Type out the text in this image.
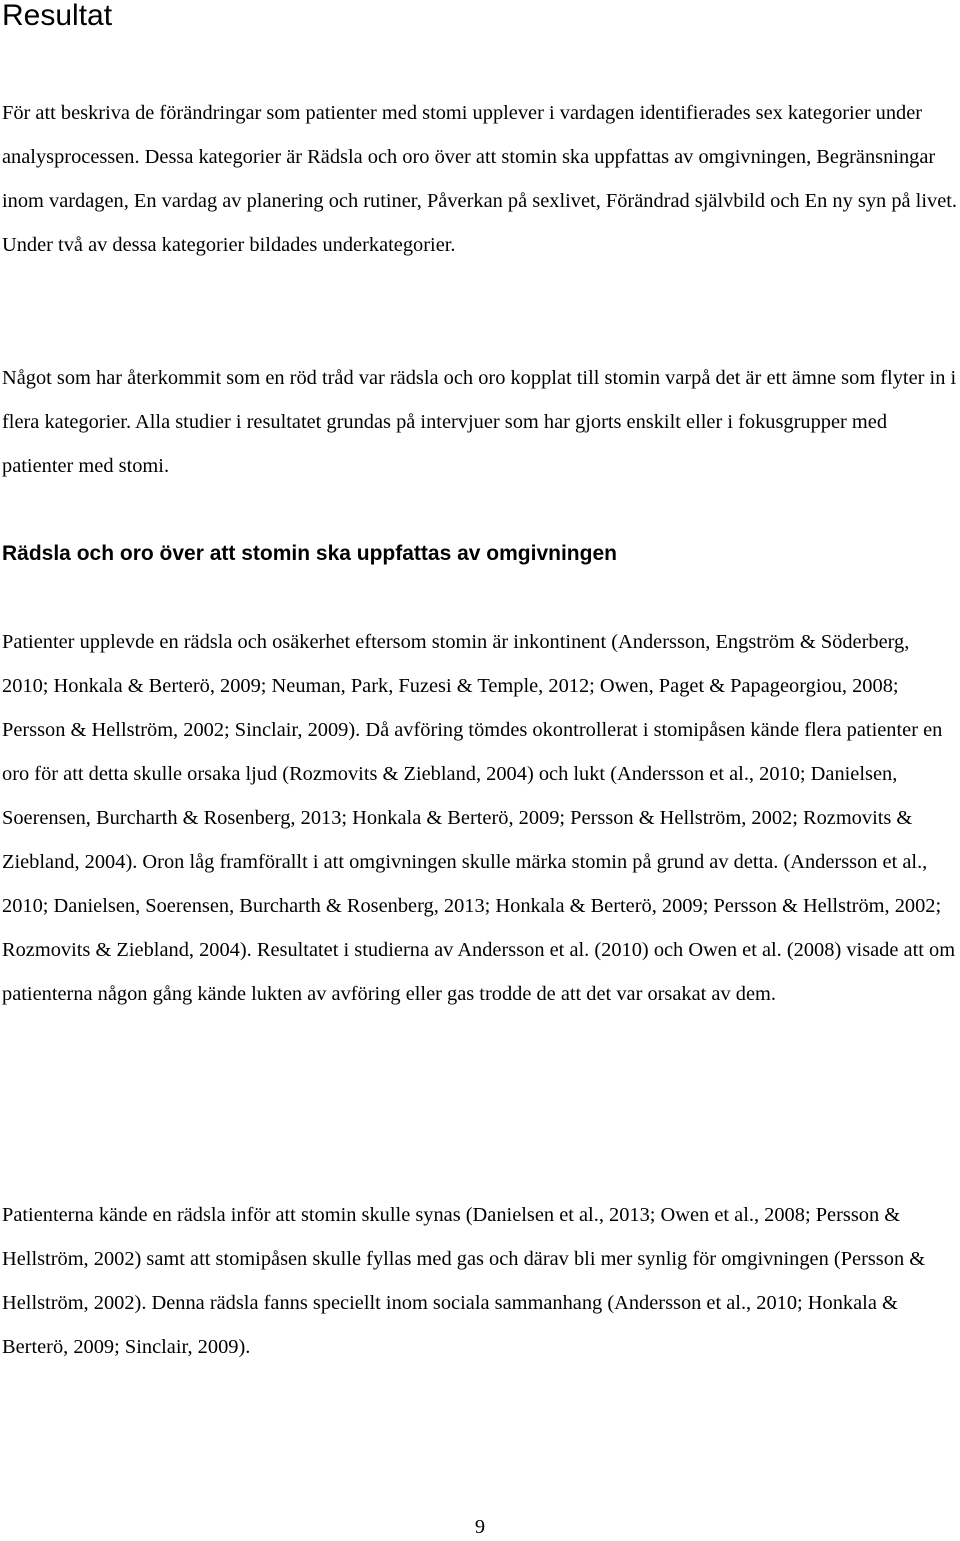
Resultat

För att beskriva de förändringar som patienter med stomi upplever i vardagen identifierades sex kategorier under analysprocessen. Dessa kategorier är Rädsla och oro över att stomin ska uppfattas av omgivningen, Begränsningar inom vardagen, En vardag av planering och rutiner, Påverkan på sexlivet, Förändrad självbild och En ny syn på livet. Under två av dessa kategorier bildades underkategorier.

Något som har återkommit som en röd tråd var rädsla och oro kopplat till stomin varpå det är ett ämne som flyter in i flera kategorier. Alla studier i resultatet grundas på intervjuer som har gjorts enskilt eller i fokusgrupper med patienter med stomi.

Rädsla och oro över att stomin ska uppfattas av omgivningen

Patienter upplevde en rädsla och osäkerhet eftersom stomin är inkontinent (Andersson, Engström & Söderberg, 2010; Honkala & Berterö, 2009; Neuman, Park, Fuzesi & Temple, 2012; Owen, Paget & Papageorgiou, 2008; Persson & Hellström, 2002; Sinclair, 2009). Då avföring tömdes okontrollerat i stomipåsen kände flera patienter en oro för att detta skulle orsaka ljud (Rozmovits & Ziebland, 2004) och lukt (Andersson et al., 2010; Danielsen, Soerensen, Burcharth & Rosenberg, 2013; Honkala & Berterö, 2009; Persson & Hellström, 2002; Rozmovits & Ziebland, 2004). Oron låg framförallt i att omgivningen skulle märka stomin på grund av detta. (Andersson et al., 2010; Danielsen, Soerensen, Burcharth & Rosenberg, 2013; Honkala & Berterö, 2009; Persson & Hellström, 2002; Rozmovits & Ziebland, 2004). Resultatet i studierna av Andersson et al. (2010) och Owen et al. (2008) visade att om patienterna någon gång kände lukten av avföring eller gas trodde de att det var orsakat av dem.

Patienterna kände en rädsla inför att stomin skulle synas (Danielsen et al., 2013; Owen et al., 2008; Persson & Hellström, 2002) samt att stomipåsen skulle fyllas med gas och därav bli mer synlig för omgivningen (Persson & Hellström, 2002). Denna rädsla fanns speciellt inom sociala sammanhang (Andersson et al., 2010; Honkala & Berterö, 2009; Sinclair, 2009).

9
